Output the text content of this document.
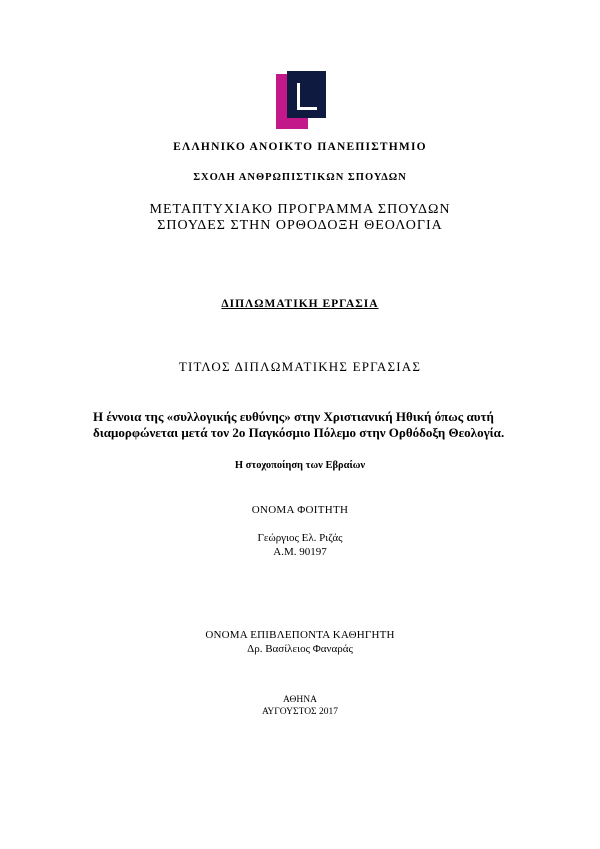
ΕΛΛΗΝΙΚΟ ΑΝΟΙΚΤΟ ΠΑΝΕΠΙΣΤΗΜΙΟ
ΣΧΟΛΗ ΑΝΘΡΩΠΙΣΤΙΚΩΝ ΣΠΟΥΔΩΝ
ΜΕΤΑΠΤΥΧΙΑΚΟ ΠΡΟΓΡΑΜΜΑ ΣΠΟΥΔΩΝ
ΣΠΟΥΔΕΣ ΣΤΗΝ ΟΡΘΟΔΟΞΗ ΘΕΟΛΟΓΙΑ
ΔΙΠΛΩΜΑΤΙΚΗ ΕΡΓΑΣΙΑ
ΤΙΤΛΟΣ ΔΙΠΛΩΜΑΤΙΚΗΣ ΕΡΓΑΣΙΑΣ
Η έννοια της «συλλογικής ευθύνης» στην Χριστιανική Ηθική όπως αυτή διαμορφώνεται μετά τον 2ο Παγκόσμιο Πόλεμο στην Ορθόδοξη Θεολογία.
Η στοχοποίηση των Εβραίων
ΟΝΟΜΑ ΦΟΙΤΗΤΗ
Γεώργιος Ελ. Ριζάς
Α.Μ. 90197
ΟΝΟΜΑ ΕΠΙΒΛΕΠΟΝΤΑ ΚΑΘΗΓΗΤΗ
Δρ. Βασίλειος Φαναράς
ΑΘΗΝΑ
ΑΥΓΟΥΣΤΟΣ 2017
